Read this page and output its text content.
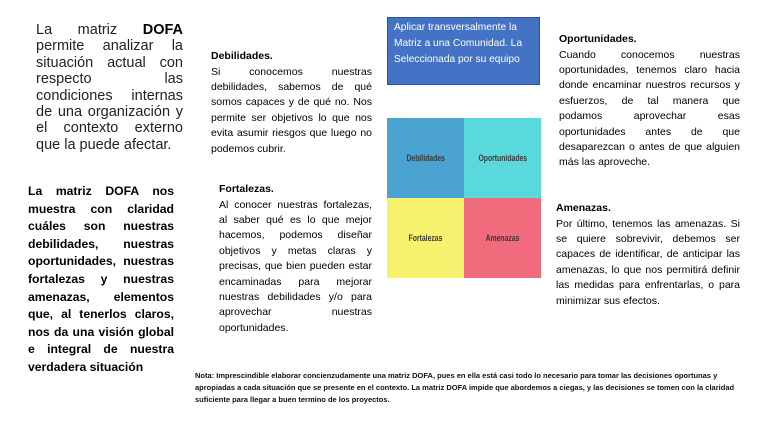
La matriz DOFA permite analizar la situación actual con respecto las condiciones internas de una organización y el contexto externo que la puede afectar.
La matriz DOFA nos muestra con claridad cuáles son nuestras debilidades, nuestras oportunidades, nuestras fortalezas y nuestras amenazas, elementos que, al tenerlos claros, nos da una visión global e integral de nuestra verdadera situación
Debilidades.
Si conocemos nuestras debilidades, sabemos de qué somos capaces y de qué no. Nos permite ser objetivos lo que nos evita asumir riesgos que luego no podemos cubrir.
Fortalezas.
Al conocer nuestras fortalezas, al saber qué es lo que mejor hacemos, podemos diseñar objetivos y metas claras y precisas, que bien pueden estar encaminadas para mejorar nuestras debilidades y/o para aprovechar nuestras oportunidades.
Aplicar transversalmente la Matriz a una Comunidad. La Seleccionada por su equipo
Debilidades	Oportunidades
Fortalezas	Amenazas
Oportunidades.
Cuando conocemos nuestras oportunidades, tenemos claro hacia donde encaminar nuestros recursos y esfuerzos, de tal manera que podamos aprovechar esas oportunidades antes de que desaparezcan o antes de que alguien más las aproveche.
Amenazas.
Por último, tenemos las amenazas. Si se quiere sobrevivir, debemos ser capaces de identificar, de anticipar las amenazas, lo que nos permitirá definir las medidas para enfrentarlas, o para minimizar sus efectos.
Nota: Imprescindible elaborar concienzudamente una matriz DOFA, pues en ella está casi todo lo necesario para tomar las decisiones oportunas y apropiadas a cada situación que se presente en el contexto. La matriz DOFA impide que abordemos a ciegas, y las decisiones se tomen con la claridad suficiente para llegar a buen termino de los proyectos.
